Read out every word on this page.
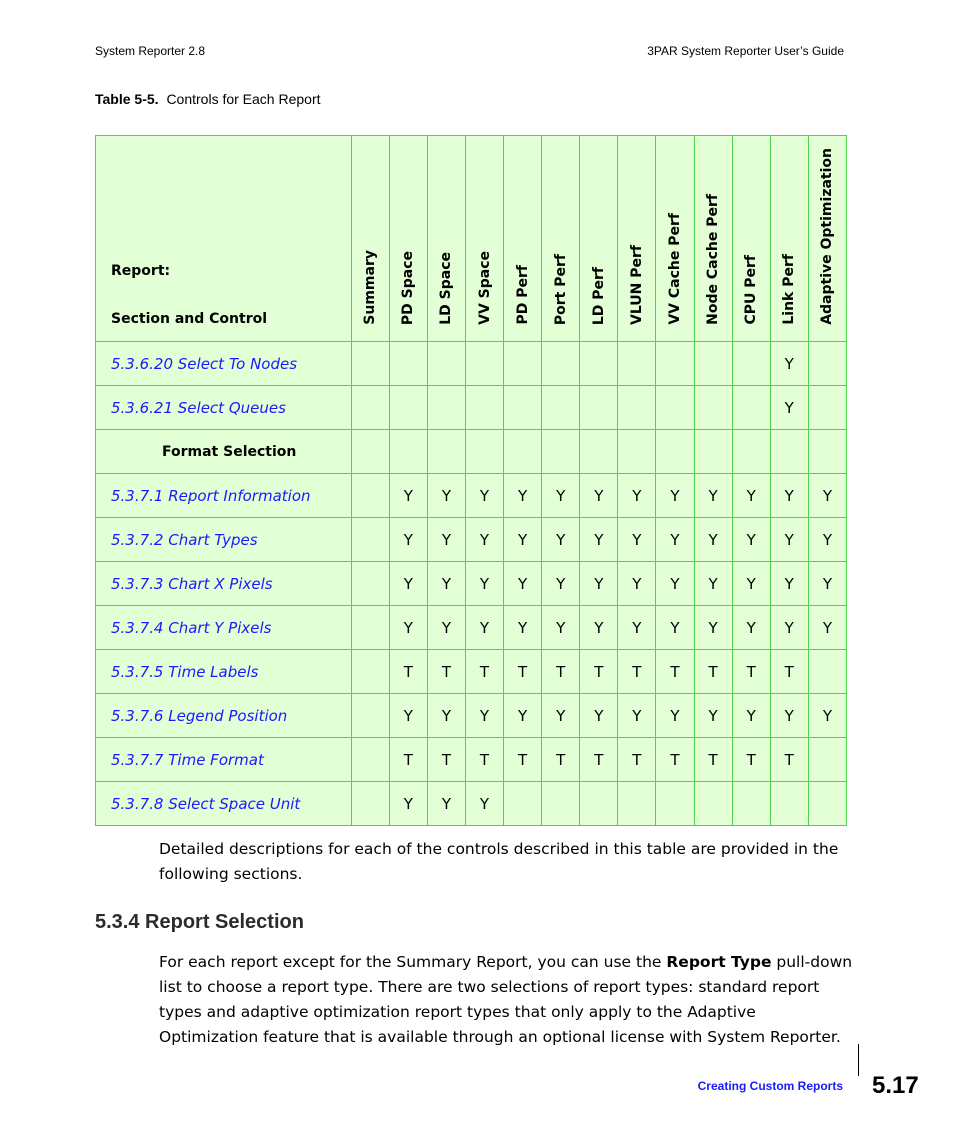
System Reporter 2.8	3PAR System Reporter User’s Guide
Table 5-5. Controls for Each Report
Report:
Section and Control	Summary	PD Space	LD Space	VV Space	PD Perf	Port Perf	LD Perf	VLUN Perf	VV Cache Perf	Node Cache Perf	CPU Perf	Link Perf	Adaptive Optimization

5.3.6.20 Select To Nodes												Y	
5.3.6.21 Select Queues												Y	
Format Selection													
5.3.7.1 Report Information		Y	Y	Y	Y	Y	Y	Y	Y	Y	Y	Y	Y
5.3.7.2 Chart Types		Y	Y	Y	Y	Y	Y	Y	Y	Y	Y	Y	Y
5.3.7.3 Chart X Pixels		Y	Y	Y	Y	Y	Y	Y	Y	Y	Y	Y	Y
5.3.7.4 Chart Y Pixels		Y	Y	Y	Y	Y	Y	Y	Y	Y	Y	Y	Y
5.3.7.5 Time Labels		T	T	T	T	T	T	T	T	T	T	T	
5.3.7.6 Legend Position		Y	Y	Y	Y	Y	Y	Y	Y	Y	Y	Y	Y
5.3.7.7 Time Format		T	T	T	T	T	T	T	T	T	T	T	
5.3.7.8 Select Space Unit		Y	Y	Y									
Detailed descriptions for each of the controls described in this table are provided in the following sections.
5.3.4 Report Selection
For each report except for the Summary Report, you can use the Report Type pull-down list to choose a report type. There are two selections of report types: standard report types and adaptive optimization report types that only apply to the Adaptive Optimization feature that is available through an optional license with System Reporter.
Creating Custom Reports 5.17
